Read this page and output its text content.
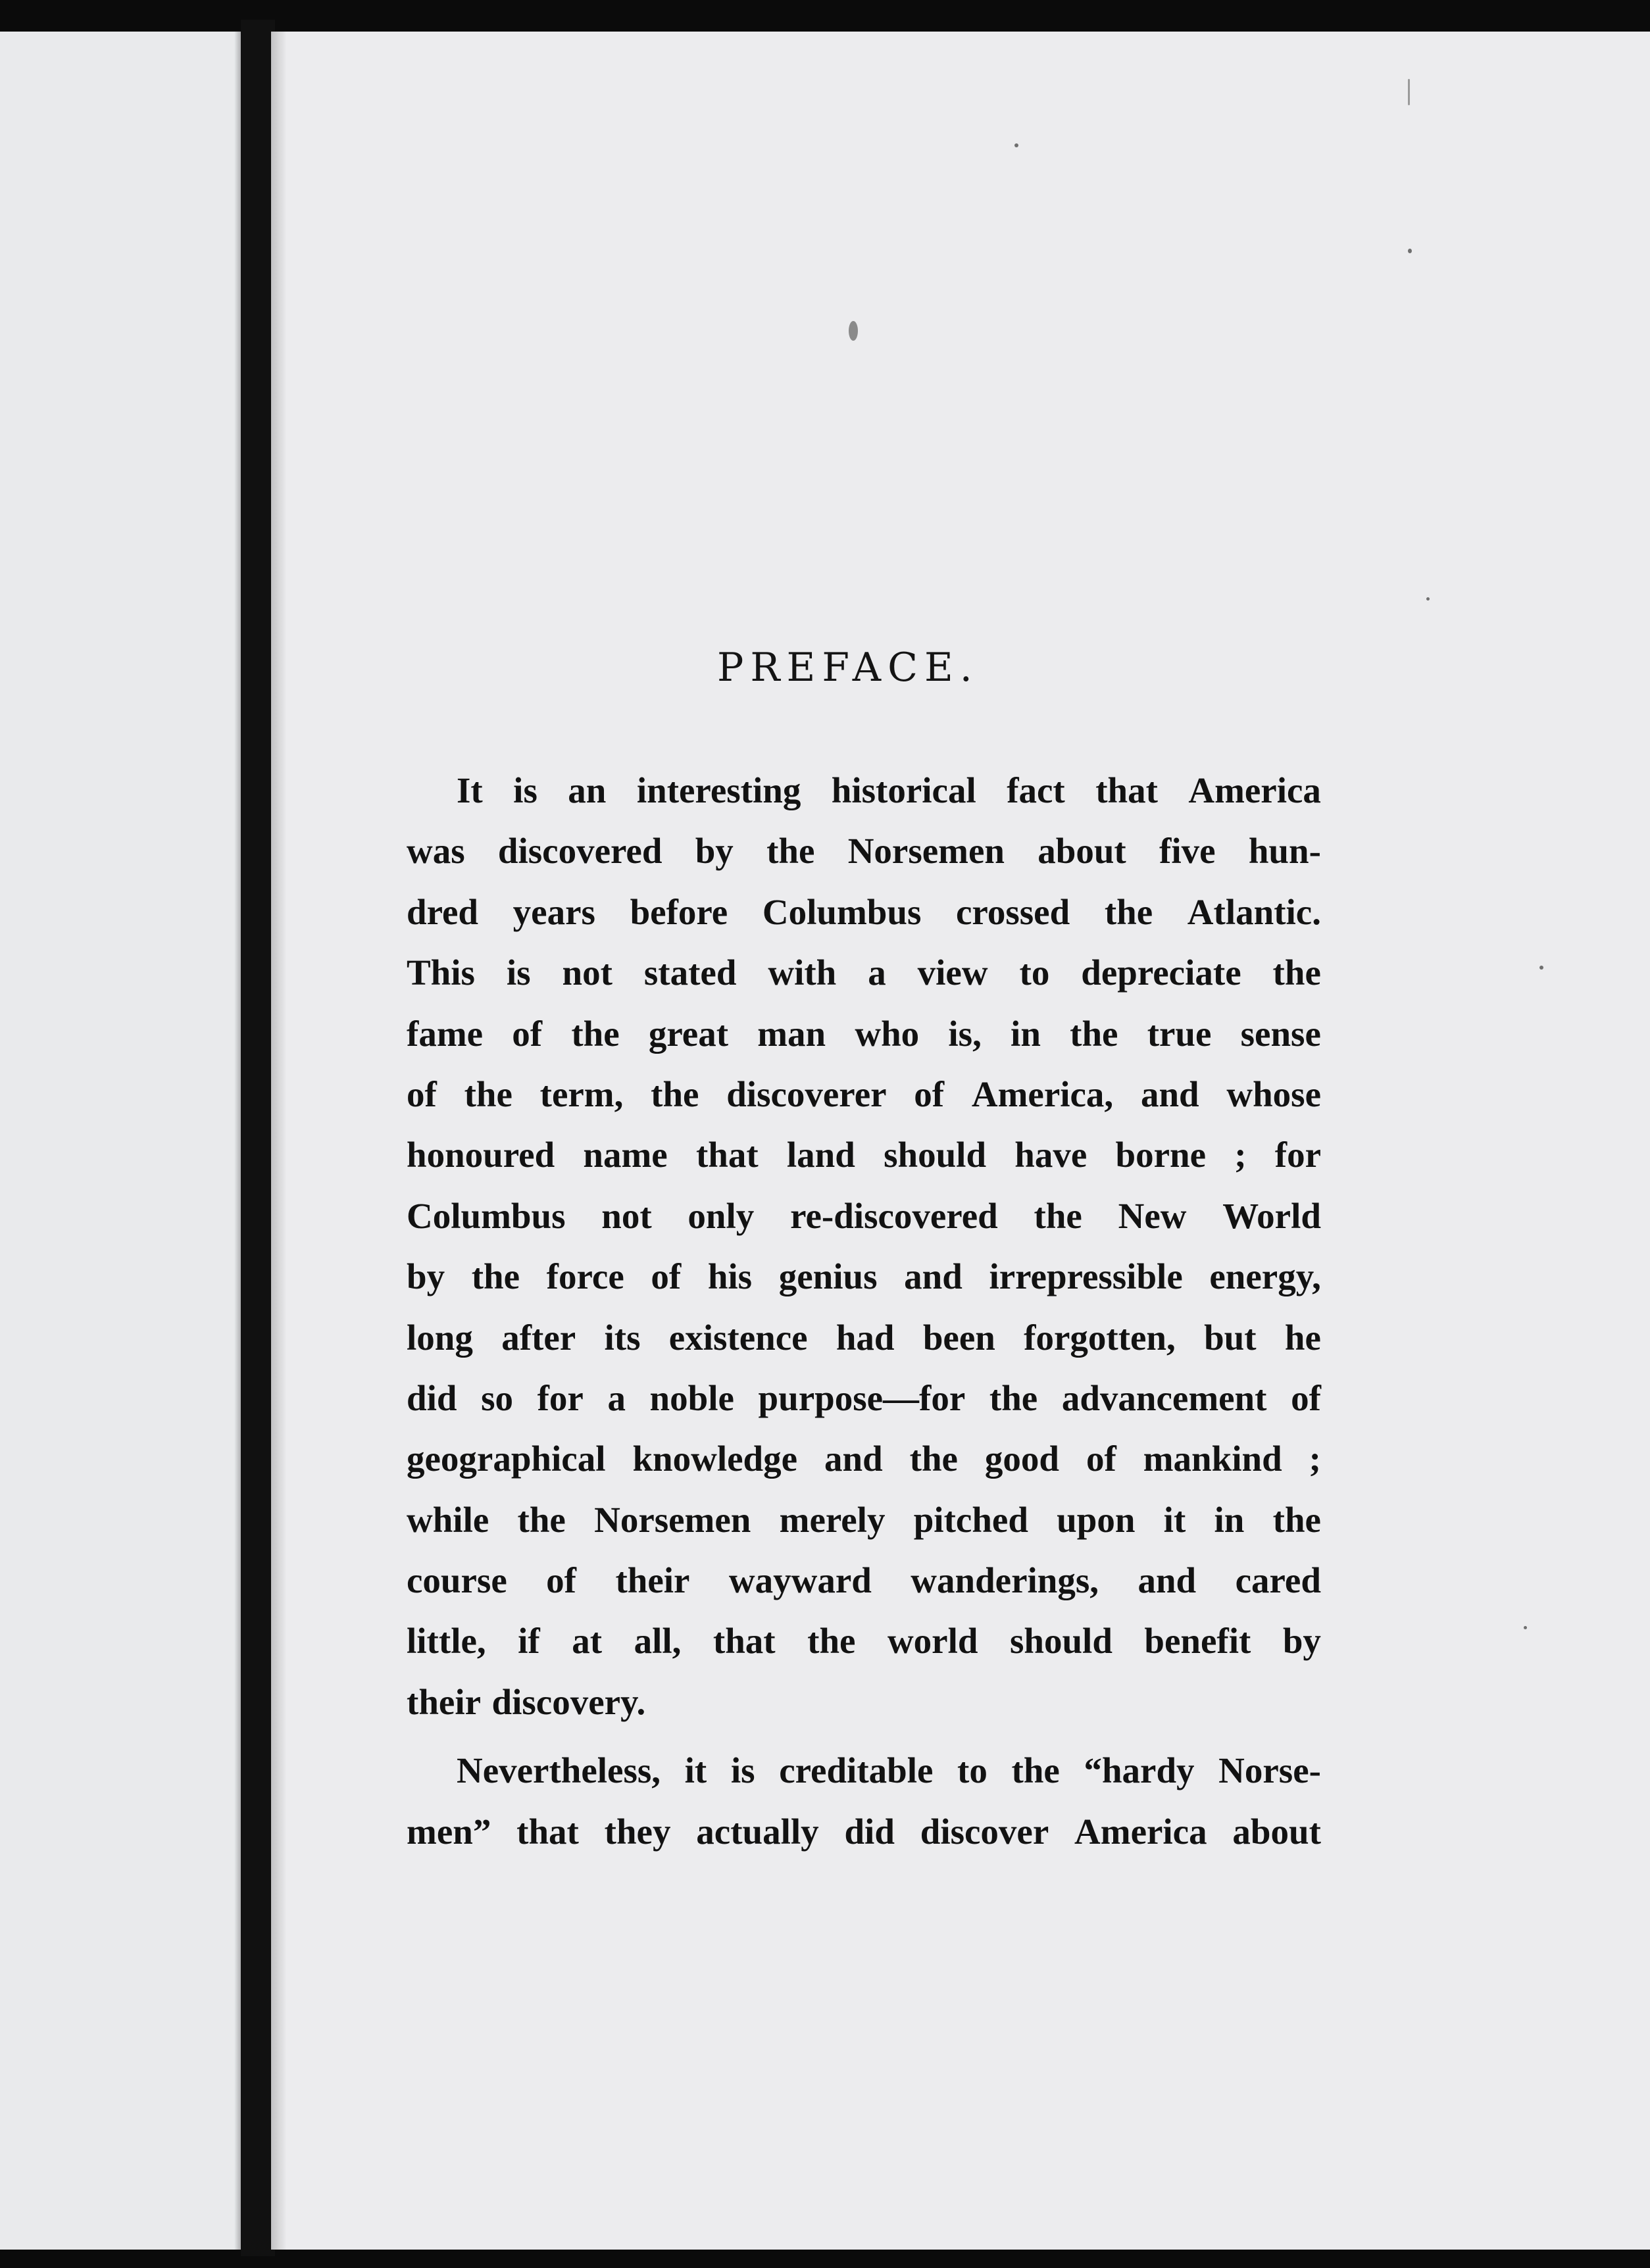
PREFACE.
It is an interesting historical fact that America
was discovered by the Norsemen about five hun-
dred years before Columbus crossed the Atlantic.
This is not stated with a view to depreciate the
fame of the great man who is, in the true sense
of the term, the discoverer of America, and whose
honoured name that land should have borne ; for
Columbus not only re-discovered the New World
by the force of his genius and irrepressible energy,
long after its existence had been forgotten, but he
did so for a noble purpose—for the advancement of
geographical knowledge and the good of mankind ;
while the Norsemen merely pitched upon it in the
course of their wayward wanderings, and cared
little, if at all, that the world should benefit by
their discovery.
Nevertheless, it is creditable to the “hardy Norse-
men” that they actually did discover America about
